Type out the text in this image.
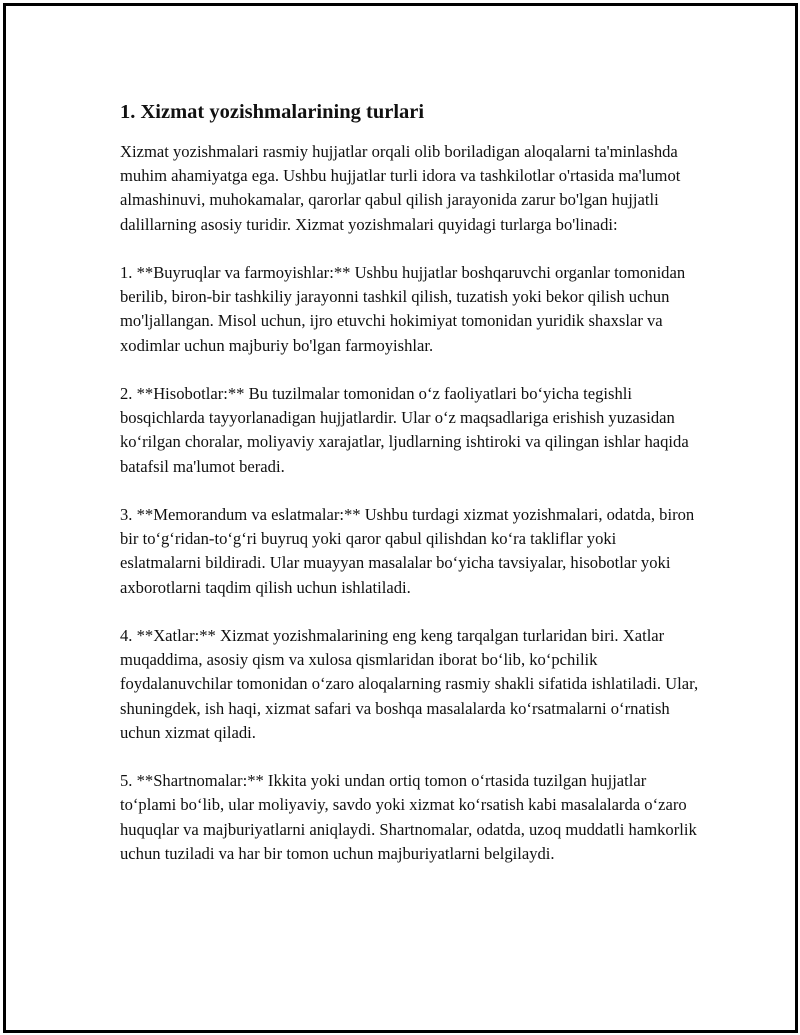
1. Xizmat yozishmalarining turlari

Xizmat yozishmalari rasmiy hujjatlar orqali olib boriladigan aloqalarni ta'minlashda muhim ahamiyatga ega. Ushbu hujjatlar turli idora va tashkilotlar o'rtasida ma'lumot almashinuvi, muhokamalar, qarorlar qabul qilish jarayonida zarur bo'lgan hujjatli dalillarning asosiy turidir. Xizmat yozishmalari quyidagi turlarga bo'linadi:

1. **Buyruqlar va farmoyishlar:** Ushbu hujjatlar boshqaruvchi organlar tomonidan berilib, biron-bir tashkiliy jarayonni tashkil qilish, tuzatish yoki bekor qilish uchun mo'ljallangan. Misol uchun, ijro etuvchi hokimiyat tomonidan yuridik shaxslar va xodimlar uchun majburiy bo'lgan farmoyishlar.

2. **Hisobotlar:** Bu tuzilmalar tomonidan o‘z faoliyatlari bo‘yicha tegishli bosqichlarda tayyorlanadigan hujjatlardir. Ular o‘z maqsadlariga erishish yuzasidan ko‘rilgan choralar, moliyaviy xarajatlar, ljudlarning ishtiroki va qilingan ishlar haqida batafsil ma'lumot beradi.

3. **Memorandum va eslatmalar:** Ushbu turdagi xizmat yozishmalari, odatda, biron bir to‘g‘ridan-to‘g‘ri buyruq yoki qaror qabul qilishdan ko‘ra takliflar yoki eslatmalarni bildiradi. Ular muayyan masalalar bo‘yicha tavsiyalar, hisobotlar yoki axborotlarni taqdim qilish uchun ishlatiladi.

4. **Xatlar:** Xizmat yozishmalarining eng keng tarqalgan turlaridan biri. Xatlar muqaddima, asosiy qism va xulosa qismlaridan iborat bo‘lib, ko‘pchilik foydalanuvchilar tomonidan o‘zaro aloqalarning rasmiy shakli sifatida ishlatiladi. Ular, shuningdek, ish haqi, xizmat safari va boshqa masalalarda ko‘rsatmalarni o‘rnatish uchun xizmat qiladi.

5. **Shartnomalar:** Ikkita yoki undan ortiq tomon o‘rtasida tuzilgan hujjatlar to‘plami bo‘lib, ular moliyaviy, savdo yoki xizmat ko‘rsatish kabi masalalarda o‘zaro huquqlar va majburiyatlarni aniqlaydi. Shartnomalar, odatda, uzoq muddatli hamkorlik uchun tuziladi va har bir tomon uchun majburiyatlarni belgilaydi.
